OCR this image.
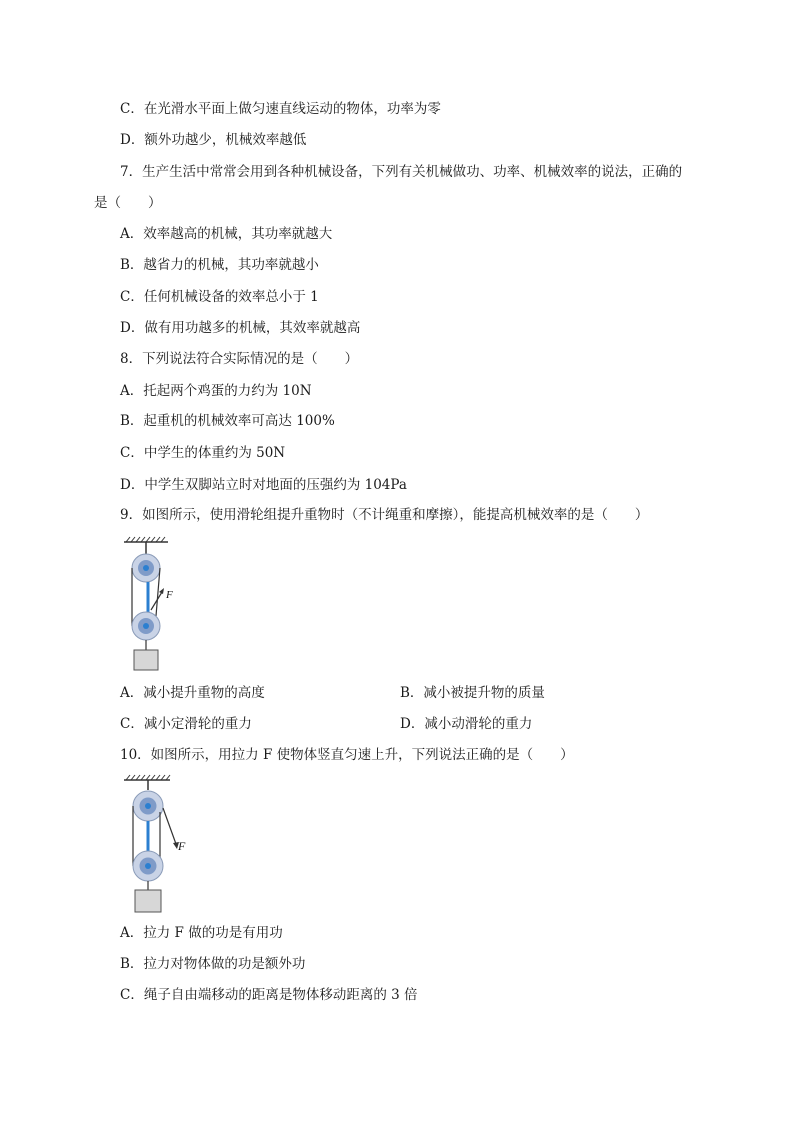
C．在光滑水平面上做匀速直线运动的物体，功率为零
D．额外功越少，机械效率越低
7．生产生活中常常会用到各种机械设备，下列有关机械做功、功率、机械效率的说法，正确的
是（　　）
A．效率越高的机械，其功率就越大
B．越省力的机械，其功率就越小
C．任何机械设备的效率总小于 1
D．做有用功越多的机械，其效率就越高
8．下列说法符合实际情况的是（　　）
A．托起两个鸡蛋的力约为 10N
B．起重机的机械效率可高达 100%
C．中学生的体重约为 50N
D．中学生双脚站立时对地面的压强约为 104Pa
9．如图所示，使用滑轮组提升重物时（不计绳重和摩擦），能提高机械效率的是（　　）
F
A．减小提升重物的高度	B．减小被提升物的质量
C．减小定滑轮的重力	D．减小动滑轮的重力
10．如图所示，用拉力 F 使物体竖直匀速上升，下列说法正确的是（　　）
F
A．拉力 F 做的功是有用功
B．拉力对物体做的功是额外功
C．绳子自由端移动的距离是物体移动距离的 3 倍
